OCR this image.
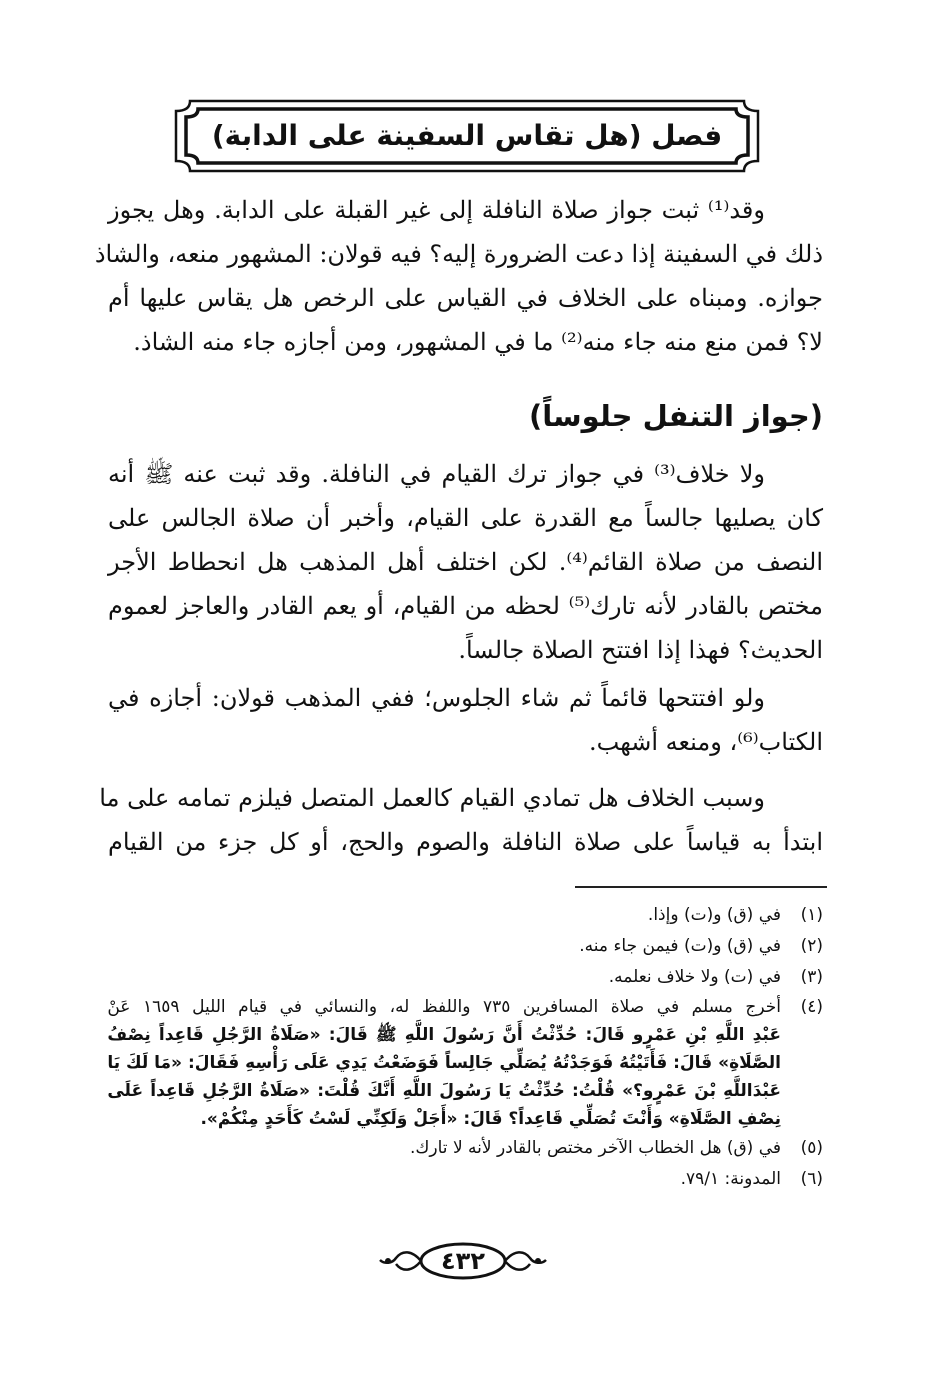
فصل (هل تقاس السفينة على الدابة)
وقد⁽¹⁾ ثبت جواز صلاة النافلة إلى غير القبلة على الدابة. وهل يجوز
ذلك في السفينة إذا دعت الضرورة إليه؟ فيه قولان: المشهور منعه، والشاذ
جوازه. ومبناه على الخلاف في القياس على الرخص هل يقاس عليها أم
لا؟ فمن منع منه جاء منه⁽²⁾ ما في المشهور، ومن أجازه جاء منه الشاذ.
(جواز التنفل جلوساً)
ولا خلاف⁽³⁾ في جواز ترك القيام في النافلة. وقد ثبت عنه ﷺ أنه
كان يصليها جالساً مع القدرة على القيام، وأخبر أن صلاة الجالس على
النصف من صلاة القائم⁽⁴⁾. لكن اختلف أهل المذهب هل انحطاط الأجر
مختص بالقادر لأنه تارك⁽⁵⁾ لحظه من القيام، أو يعم القادر والعاجز لعموم
الحديث؟ فهذا إذا افتتح الصلاة جالساً.
ولو افتتحها قائماً ثم شاء الجلوس؛ ففي المذهب قولان: أجازه في
الكتاب⁽⁶⁾، ومنعه أشهب.
وسبب الخلاف هل تمادي القيام كالعمل المتصل فيلزم تمامه على ما
ابتدأ به قياساً على صلاة النافلة والصوم والحج، أو كل جزء من القيام
(١)
في (ق) و(ت) وإذا.
(٢)
في (ق) و(ت) فيمن جاء منه.
(٣)
في (ت) ولا خلاف نعلمه.
(٤)
أخرج مسلم في صلاة المسافرين ٧٣٥ واللفظ له، والنسائي في قيام الليل ١٦٥٩ عَنْ
عَبْدِ اللَّهِ بْنِ عَمْرٍو قَالَ: حُدِّثْتُ أَنَّ رَسُولَ اللَّهِ ﷺ قَالَ: «صَلَاةُ الرَّجُلِ قَاعِداً نِصْفُ
الصَّلَاةِ» قَالَ: فَأَتَيْتُهُ فَوَجَدْتُهُ يُصَلِّي جَالِساً فَوَضَعْتُ يَدِي عَلَى رَأْسِهِ فَقَالَ: «مَا لَكَ يَا
عَبْدَاللَّهِ بْنَ عَمْرٍو؟» قُلْتُ: حُدِّثْتُ يَا رَسُولَ اللَّهِ أَنَّكَ قُلْتَ: «صَلَاةُ الرَّجُلِ قَاعِداً عَلَى
نِصْفِ الصَّلَاةِ» وَأَنْتَ تُصَلِّي قَاعِداً؟ قَالَ: «أَجَلْ وَلَكِنِّي لَسْتُ كَأَحَدٍ مِنْكُمْ».
(٥)
في (ق) هل الخطاب الآخر مختص بالقادر لأنه لا تارك.
(٦)
المدونة: ٧٩/١.
٤٣٢
